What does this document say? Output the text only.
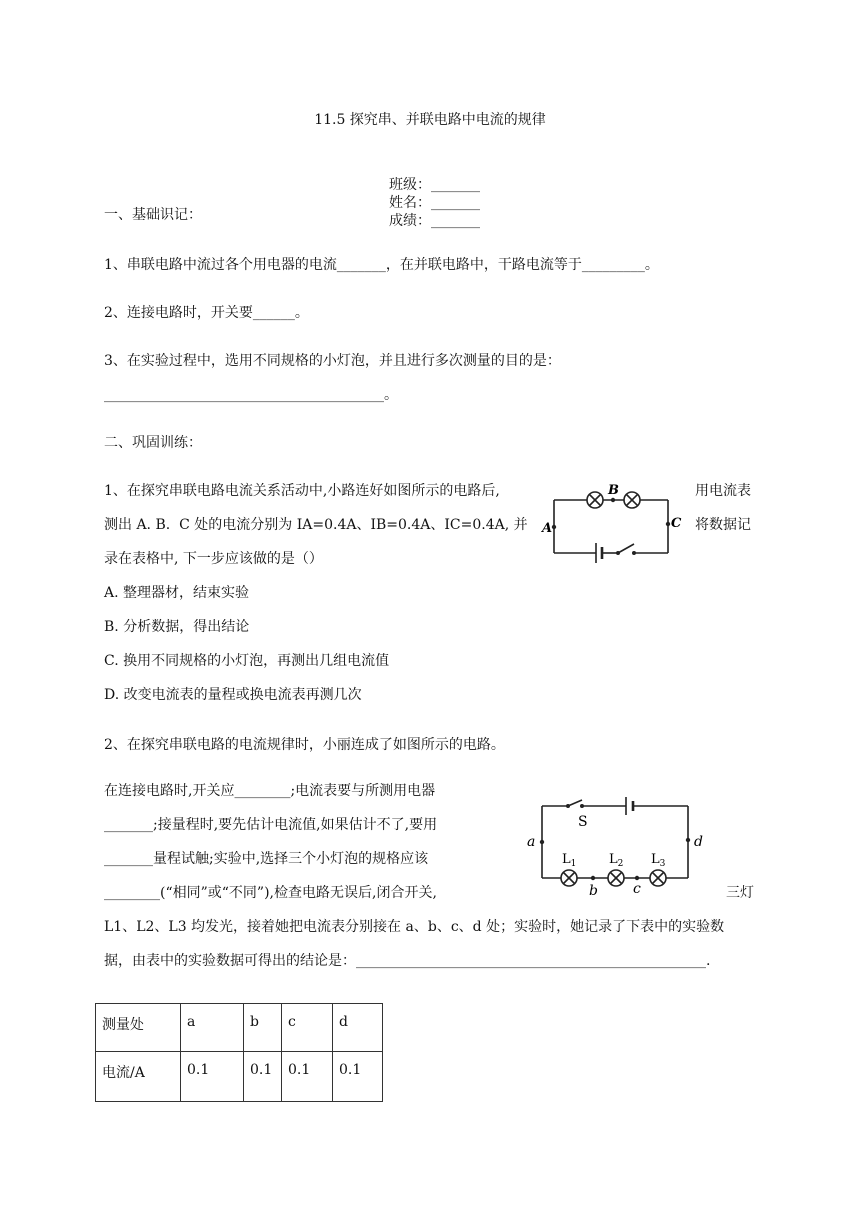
11.5 探究串、并联电路中电流的规律

班级：_______
姓名：_______
成绩：_______

一、基础识记：
1、串联电路中流过各个用电器的电流_______，在并联电路中，干路电流等于_________。
2、连接电路时，开关要______。
3、在实验过程中，选用不同规格的小灯泡，并且进行多次测量的目的是：
________________________________________。
二、巩固训练：
1、在探究串联电路电流关系活动中,小路连好如图所示的电路后,	用电流表
测出 A. B.  C 处的电流分别为 IA=0.4A、IB=0.4A、IC=0.4A, 并	将数据记
录在表格中, 下一步应该做的是（）
A. 整理器材，结束实验
B. 分析数据，得出结论
C. 换用不同规格的小灯泡，再测出几组电流值
D. 改变电流表的量程或换电流表再测几次
B
A	C
2、在探究串联电路的电流规律时，小丽连成了如图所示的电路。
在连接电路时,开关应________;电流表要与所测用电器
_______;接量程时,要先估计电流值,如果估计不了,要用
_______量程试触;实验中,选择三个小灯泡的规格应该
________(“相同”或“不同”),检查电路无误后,闭合开关,	三灯
L1、L2、L3 均发光，接着她把电流表分别接在 a、b、c、d 处；实验时，她记录了下表中的实验数
据，由表中的实验数据可得出的结论是：__________________________________________________.
S
a	d
b	c
$L_1$	$L_2$ $L_3$
测量处	a	b	c	d
电流/A	0.1	0.1	0.1	0.1
